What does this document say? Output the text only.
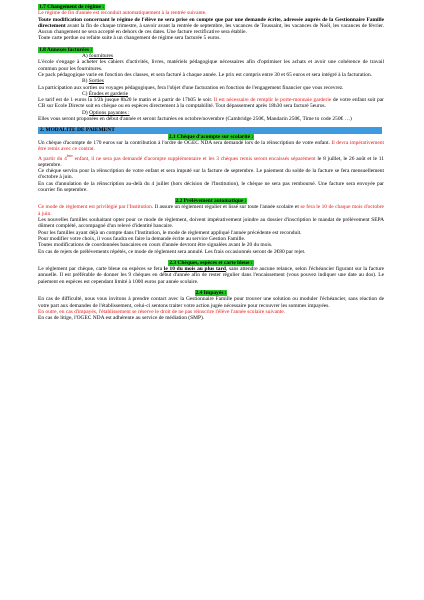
1.7 Changement de régime :

Le régime de fin d'année est reconduit automatiquement à la rentrée suivante.

Toute modification concernant le régime de l'élève ne sera prise en compte que par une demande écrite, adressée auprès de la Gestionnaire Famille directement avant la fin de chaque trimestre, à savoir avant la rentrée de septembre, les vacances de Toussaint, les vacances de Noël, les vacances de février. Aucun changement ne sera accepté en dehors de ces dates. Une facture rectificative sera établie.

Toute carte perdue ou refaite suite à un changement de régime sera facturée 5 euros.

1.8 Annexes facturées :

A) fournitures

L'école s'engage à acheter les cahiers d'activités, livres, matériels pédagogique nécessaires afin d'optimiser les achats et avoir une cohérence de travail commun pour les fournitures.

Ce pack pédagogique varie en fonction des classes, et sera facturé à chaque année. Le prix est compris entre 30 et 65 euros et sera intégré à la facturation.

B) Sorties

La participation aux sorties ou voyages pédagogiques, fera l'objet d'une facturation en fonction de l'engagement financier que vous recevrez.

C) Études et garderie

Le tarif est de 1 euros la 1/2h jusque 8h20 le matin et à partir de 17h05 le soir. Il est nécessaire de remplir le porte-monnaie garderie de votre enfant soit par CB sur Ecole Directe soit en chèque ou en espèces directement à la comptabilité. Tout dépassement après 18h30 sera facturé 5euros.

D) Options payantes :

Elles vous seront proposées en début d'année et seront facturées en octobre/novembre (Cambridge 250€, Mandarin 250€, Time to code 250€ …)

2. MODALITE DE PAIEMENT

2.1 Chèque d'acompte sur scolarité :

Un chèque d'acompte de 170 euros sur la contribution à l'ordre de OGEC NDA sera demandé lors de la réinscription de votre enfant. Il devra impérativement être remis avec ce contrat.

A partir du 4ème enfant, il ne sera pas demandé d'acompte supplémentaire et les 3 chèques remis seront encaissés séparément le 8 juillet, le 26 août et le 11 septembre.

Ce chèque servira pour la réinscription de votre enfant et sera imputé sur la facture de septembre. Le paiement du solde de la facture se fera mensuellement d'octobre à juin.

En cas d'annulation de la réinscription au-delà du 4 juillet (hors décision de l'Institution), le chèque ne sera pas remboursé. Une facture sera envoyée par courrier fin septembre.

2.2 Prélèvement automatique :

Ce mode de règlement est privilégié par l'Institution. Il assure un règlement régulier et lissé sur toute l'année scolaire et se fera le 10 de chaque mois d'octobre à juin.

Les nouvelles familles souhaitant opter pour ce mode de règlement, doivent impérativement joindre au dossier d'inscription le mandat de prélèvement SEPA dûment complété, accompagné d'un relevé d'identité bancaire.

Pour les familles ayant déjà un compte dans l'Institution, le mode de règlement appliqué l'année précédente est reconduit.

Pour modifier votre choix, il vous faudra en faire la demande écrite au service Gestion Famille.

Toutes modifications de coordonnées bancaires en cours d'année devront être signalées avant le 20 du mois.

En cas de rejets de prélèvements répétés, ce mode de règlement sera annulé. Les frais occasionnés seront de 2€80 par rejet.

2.3 Chèques, espèces et carte bleue :

Le règlement par chèque, carte bleue ou espèces se fera le 10 du mois au plus tard, sans attendre aucune relance, selon l'échéancier figurant sur la facture annuelle. Il est préférable de donner les 9 chèques en début d'année afin de rester régulier dans l'encaissement (vous pouvez indiquer une date au dos). Le paiement en espèces est cependant limité à 1000 euros par année scolaire.

2.4 Impayés :

En cas de difficulté, nous vous invitons à prendre contact avec la Gestionnaire Famille pour trouver une solution ou moduler l'échéancier, sans réaction de votre part aux demandes de l'établissement, celui-ci sentons traiter votre action jugée nécessaire pour recouvrer les sommes impayées.

En outre, en cas d'impayés, l'établissement se réserve le droit de ne pas réinscrire l'élève l'année scolaire suivante.

En cas de litige, l'OGEC NDA est adhérente au service de médiation (SMP).
